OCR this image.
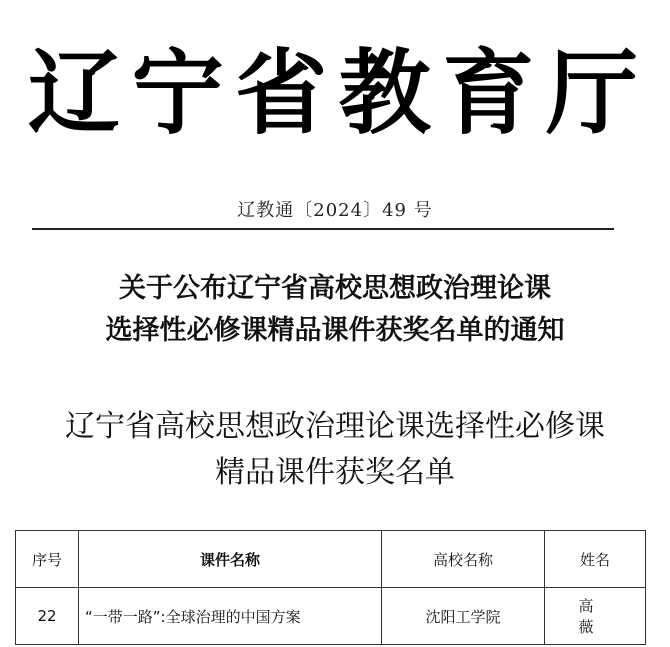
辽 宁 省 教 育 厅
辽教通〔2024〕49 号
关于公布辽宁省高校思想政治理论课
选择性必修课精品课件获奖名单的通知
辽宁省高校思想政治理论课选择性必修课
精品课件获奖名单
序号	课件名称	高校名称	姓名
22	“一带一路”:全球治理的中国方案	沈阳工学院	高 薇
